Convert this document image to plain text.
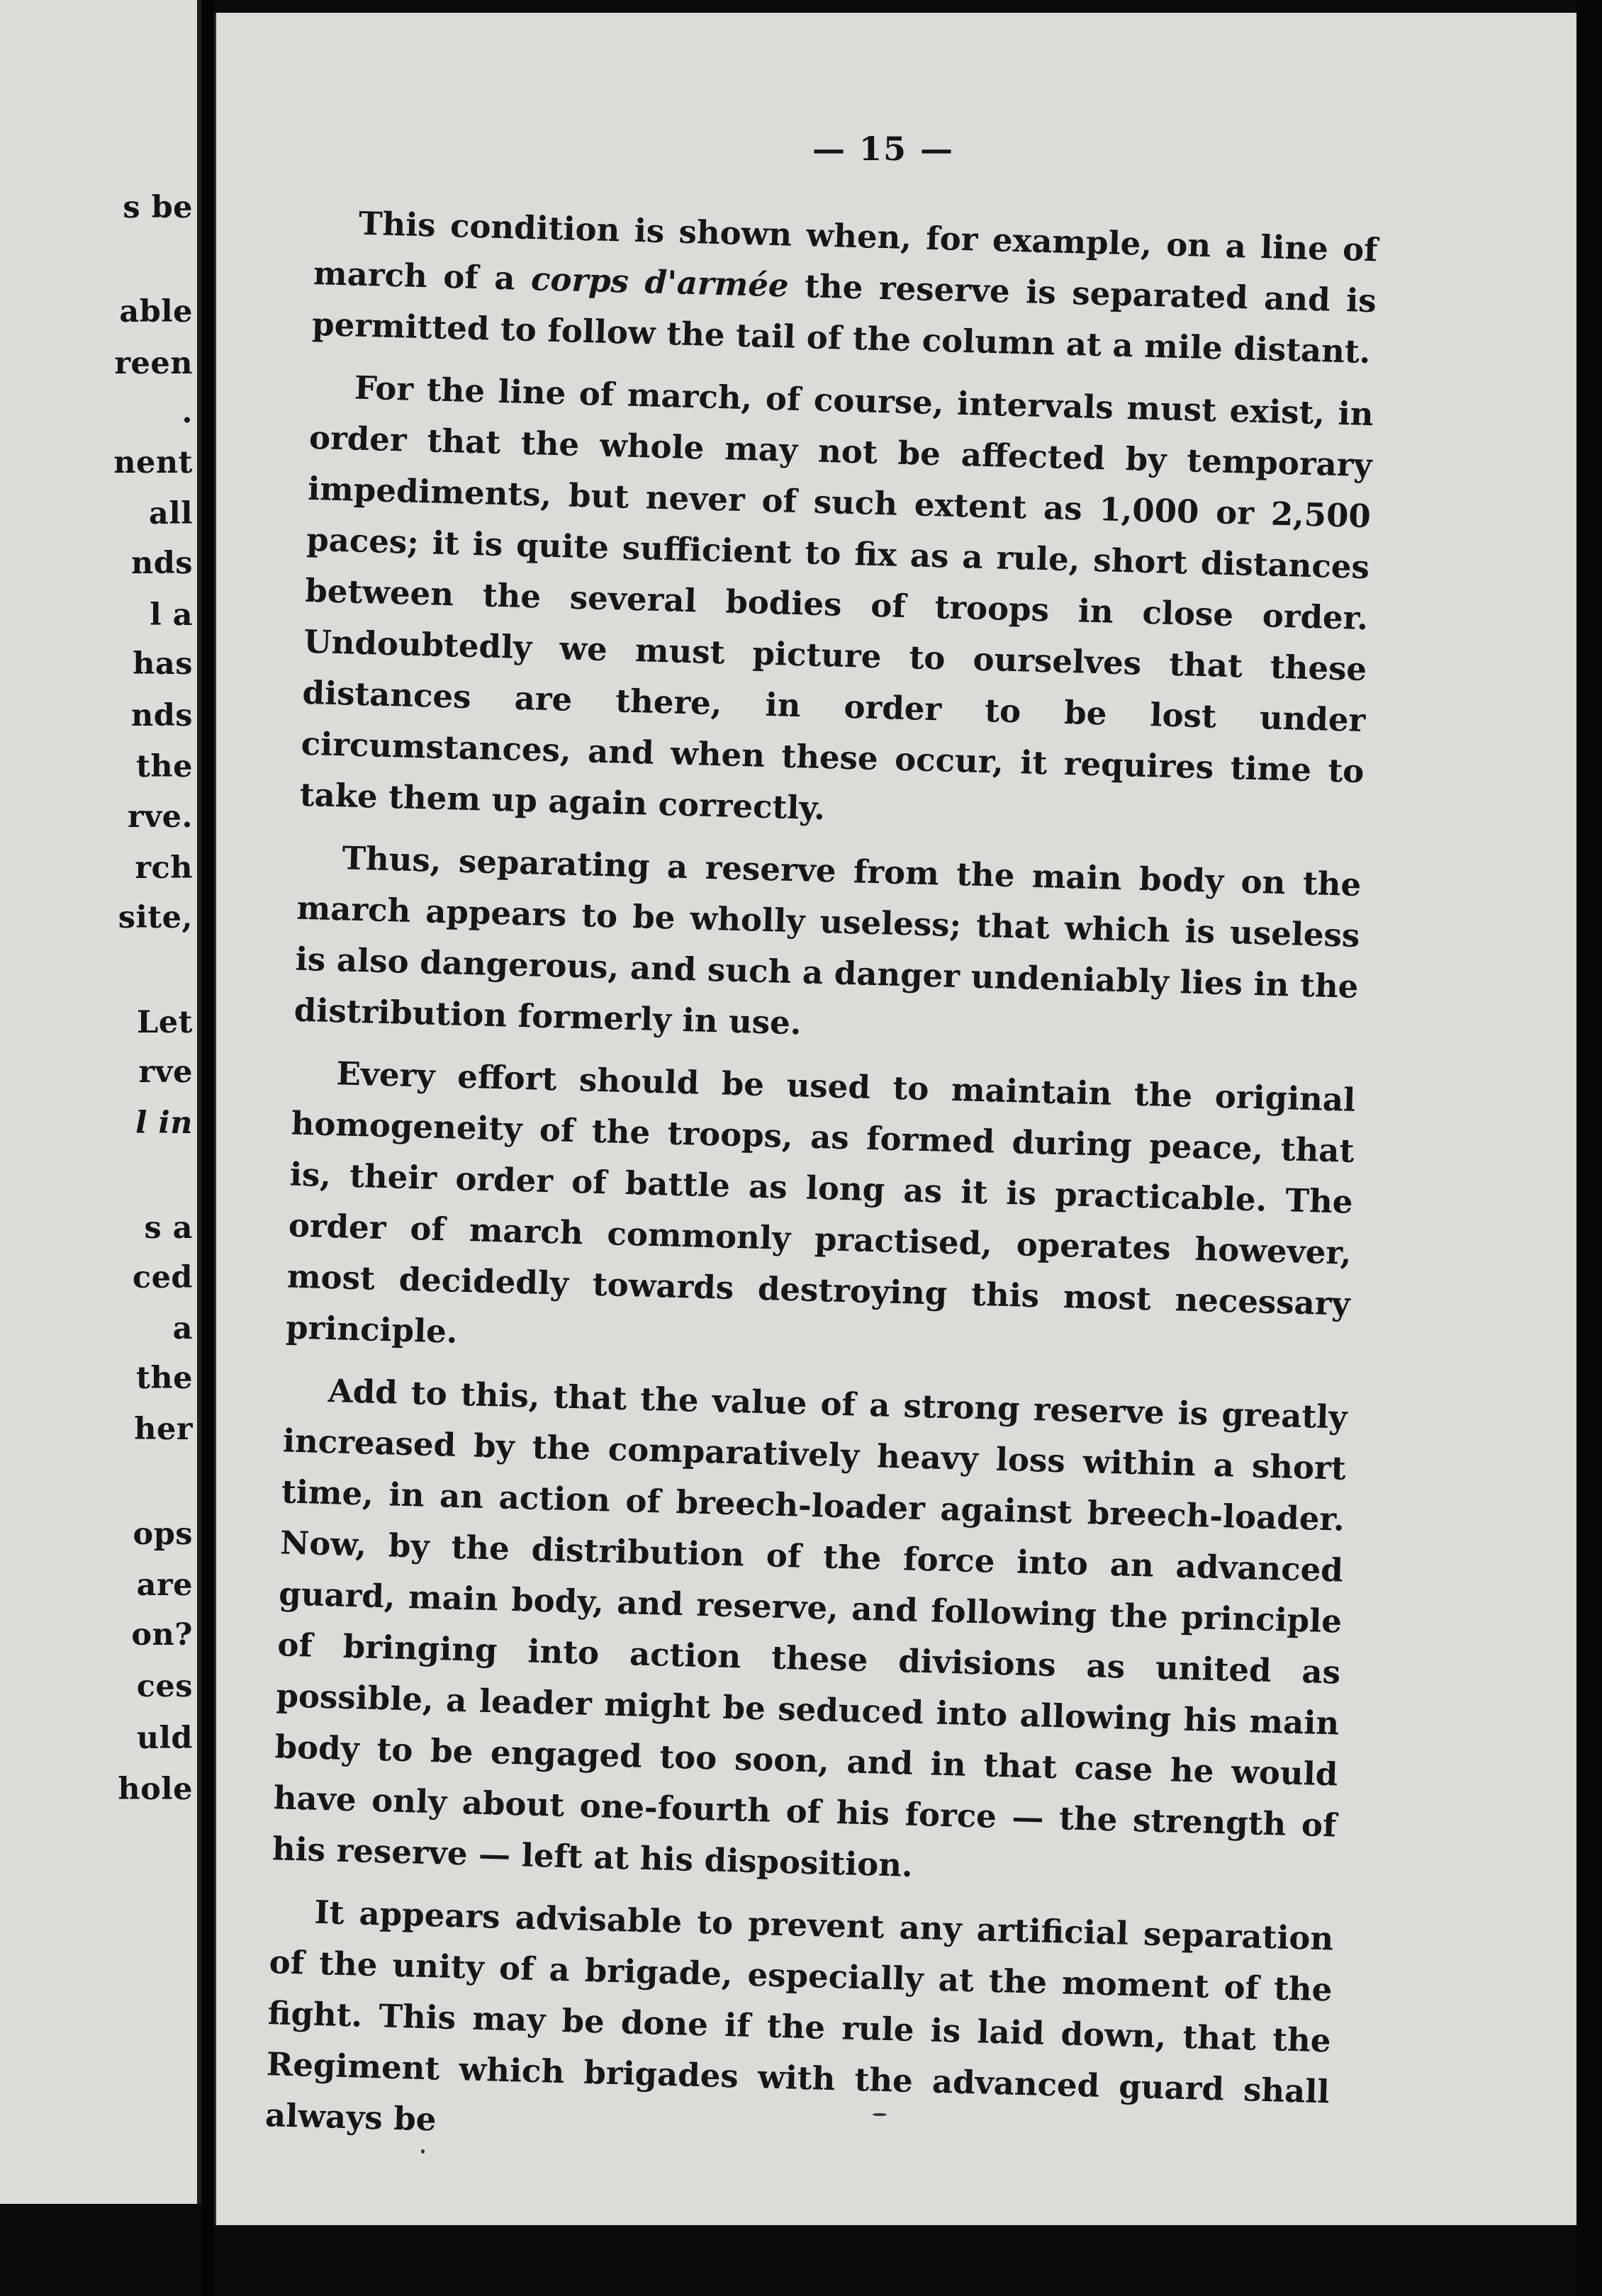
s be
able
reen
.
nent
all
nds
l a
has
nds
the
rve.
rch
site,
Let
rve
l in
s a
ced
a
the
her
ops
are
on?
ces
uld
hole
— 15 —

This condition is shown when, for example, on a line of march of a corps d'armée the reserve is separated and is permitted to follow the tail of the column at a mile distant.

For the line of march, of course, intervals must exist, in order that the whole may not be affected by temporary impediments, but never of such extent as 1,000 or 2,500 paces; it is quite sufficient to fix as a rule, short distances between the several bodies of troops in close order. Undoubtedly we must picture to ourselves that these distances are there, in order to be lost under circumstances, and when these occur, it requires time to take them up again correctly.

Thus, separating a reserve from the main body on the march appears to be wholly useless; that which is useless is also dangerous, and such a danger undeniably lies in the distribution formerly in use.

Every effort should be used to maintain the original homogeneity of the troops, as formed during peace, that is, their order of battle as long as it is practicable. The order of march commonly practised, operates however, most decidedly towards destroying this most necessary principle.

Add to this, that the value of a strong reserve is greatly increased by the comparatively heavy loss within a short time, in an action of breech-loader against breech-loader. Now, by the distribution of the force into an advanced guard, main body, and reserve, and following the principle of bringing into action these divisions as united as possible, a leader might be seduced into allowing his main body to be engaged too soon, and in that case he would have only about one-fourth of his force — the strength of his reserve — left at his disposition.

It appears advisable to prevent any artificial separation of the unity of a brigade, especially at the moment of the fight. This may be done if the rule is laid down, that the Regiment which brigades with the advanced guard shall always be
